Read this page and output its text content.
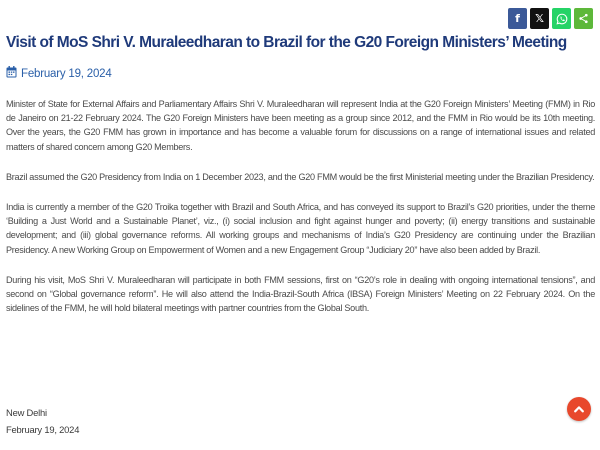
f 𝕏
Visit of MoS Shri V. Muraleedharan to Brazil for the G20 Foreign Ministers’ Meeting
February 19, 2024

Minister of State for External Affairs and Parliamentary Affairs Shri V. Muraleedharan will represent India at the G20 Foreign Ministers’ Meeting (FMM) in Rio de Janeiro on 21-22 February 2024. The G20 Foreign Ministers have been meeting as a group since 2012, and the FMM in Rio would be its 10th meeting. Over the years, the G20 FMM has grown in importance and has become a valuable forum for discussions on a range of international issues and related matters of shared concern among G20 Members.

Brazil assumed the G20 Presidency from India on 1 December 2023, and the G20 FMM would be the first Ministerial meeting under the Brazilian Presidency.

India is currently a member of the G20 Troika together with Brazil and South Africa, and has conveyed its support to Brazil’s G20 priorities, under the theme ‘Building a Just World and a Sustainable Planet’, viz., (i) social inclusion and fight against hunger and poverty; (ii) energy transitions and sustainable development; and (iii) global governance reforms. All working groups and mechanisms of India’s G20 Presidency are continuing under the Brazilian Presidency. A new Working Group on Empowerment of Women and a new Engagement Group “Judiciary 20” have also been added by Brazil.

During his visit, MoS Shri V. Muraleedharan will participate in both FMM sessions, first on “G20’s role in dealing with ongoing international tensions”, and second on “Global governance reform”. He will also attend the India-Brazil-South Africa (IBSA) Foreign Ministers’ Meeting on 22 February 2024. On the sidelines of the FMM, he will hold bilateral meetings with partner countries from the Global South.

New Delhi
February 19, 2024
